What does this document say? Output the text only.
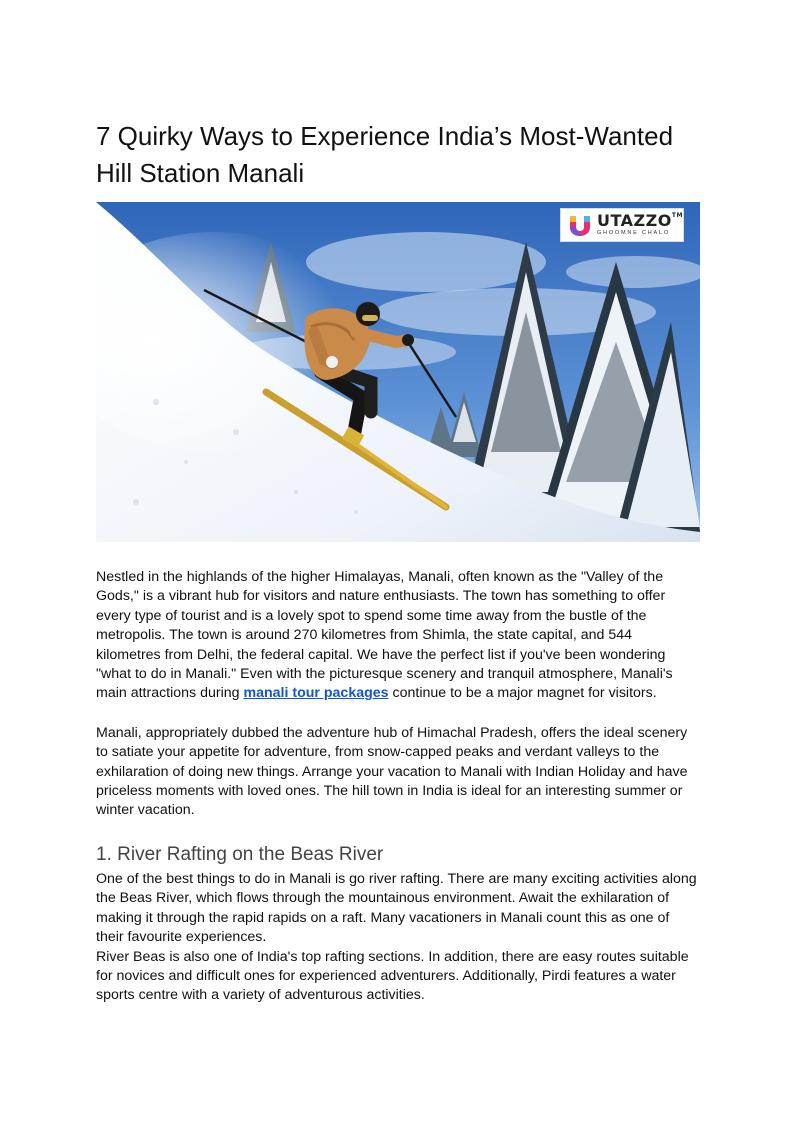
7 Quirky Ways to Experience India’s Most-Wanted Hill Station Manali
UTAZZO™
GHOOMNE CHALO

Nestled in the highlands of the higher Himalayas, Manali, often known as the "Valley of the Gods," is a vibrant hub for visitors and nature enthusiasts. The town has something to offer every type of tourist and is a lovely spot to spend some time away from the bustle of the metropolis. The town is around 270 kilometres from Shimla, the state capital, and 544 kilometres from Delhi, the federal capital. We have the perfect list if you've been wondering "what to do in Manali." Even with the picturesque scenery and tranquil atmosphere, Manali's main attractions during manali tour packages continue to be a major magnet for visitors.

Manali, appropriately dubbed the adventure hub of Himachal Pradesh, offers the ideal scenery to satiate your appetite for adventure, from snow-capped peaks and verdant valleys to the exhilaration of doing new things. Arrange your vacation to Manali with Indian Holiday and have priceless moments with loved ones. The hill town in India is ideal for an interesting summer or winter vacation.

1. River Rafting on the Beas River

One of the best things to do in Manali is go river rafting. There are many exciting activities along the Beas River, which flows through the mountainous environment. Await the exhilaration of making it through the rapid rapids on a raft. Many vacationers in Manali count this as one of their favourite experiences.

River Beas is also one of India's top rafting sections. In addition, there are easy routes suitable for novices and difficult ones for experienced adventurers. Additionally, Pirdi features a water sports centre with a variety of adventurous activities.
